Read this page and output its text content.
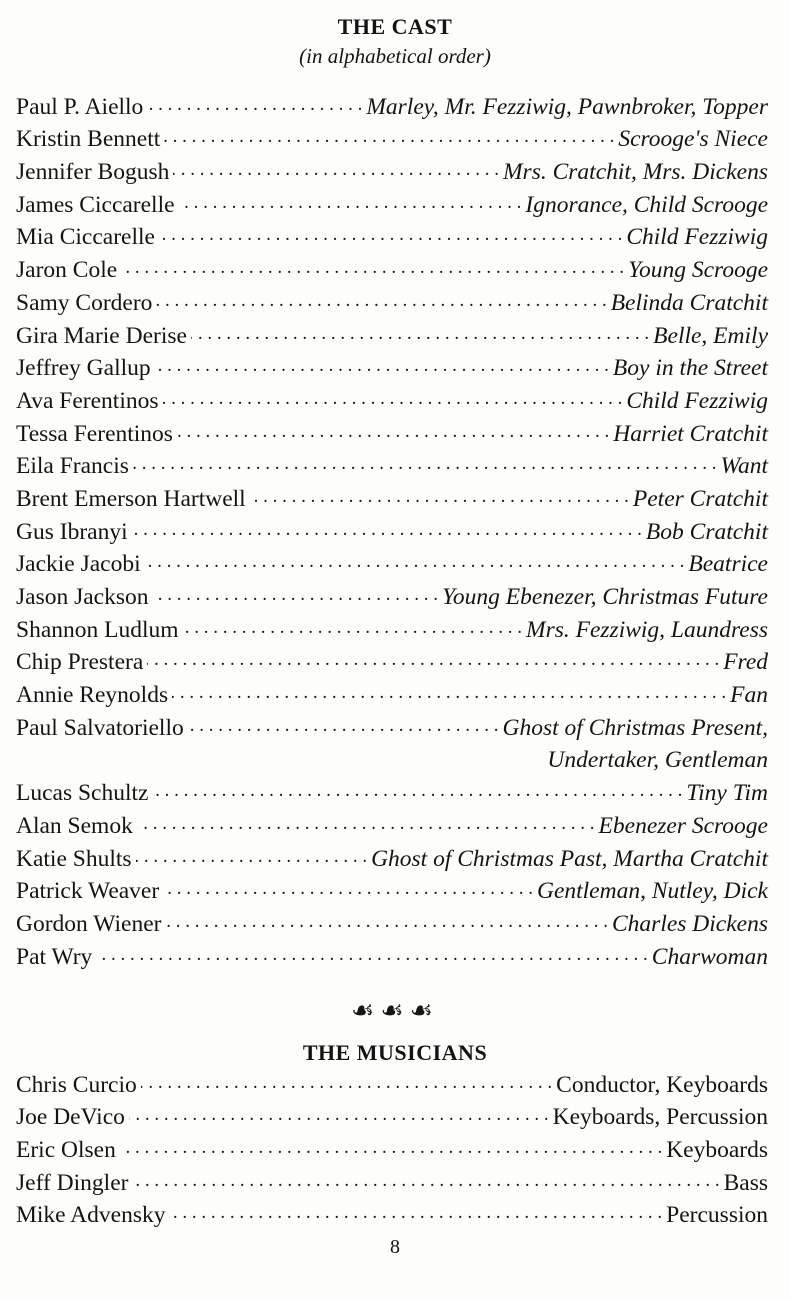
THE CAST
(in alphabetical order)
Paul P. Aiello . . .	Marley, Mr. Fezziwig, Pawnbroker, Topper
Kristin Bennett . . .	Scrooge's Niece
Jennifer Bogush . . .	Mrs. Cratchit, Mrs. Dickens
James Ciccarelle . . .	Ignorance, Child Scrooge
Mia Ciccarelle . . .	Child Fezziwig
Jaron Cole . . .	Young Scrooge
Samy Cordero . . .	Belinda Cratchit
Gira Marie Derise . . .	Belle, Emily
Jeffrey Gallup . . .	Boy in the Street
Ava Ferentinos . . .	Child Fezziwig
Tessa Ferentinos . . .	Harriet Cratchit
Eila Francis . . .	Want
Brent Emerson Hartwell . . .	Peter Cratchit
Gus Ibranyi . . .	Bob Cratchit
Jackie Jacobi . . .	Beatrice
Jason Jackson . . .	Young Ebenezer, Christmas Future
Shannon Ludlum . . .	Mrs. Fezziwig, Laundress
Chip Prestera . . .	Fred
Annie Reynolds . . .	Fan
Paul Salvatoriello . . .	Ghost of Christmas Present,
Undertaker, Gentleman
Lucas Schultz . . .	Tiny Tim
Alan Semok . . .	Ebenezer Scrooge
Katie Shults . . .	Ghost of Christmas Past, Martha Cratchit
Patrick Weaver . . .	Gentleman, Nutley, Dick
Gordon Wiener . . .	Charles Dickens
Pat Wry . . .	Charwoman
☙☙☙
THE MUSICIANS
Chris Curcio . . .	Conductor, Keyboards
Joe DeVico . . .	Keyboards, Percussion
Eric Olsen . . .	Keyboards
Jeff Dingler . . .	Bass
Mike Advensky . . .	Percussion
8
